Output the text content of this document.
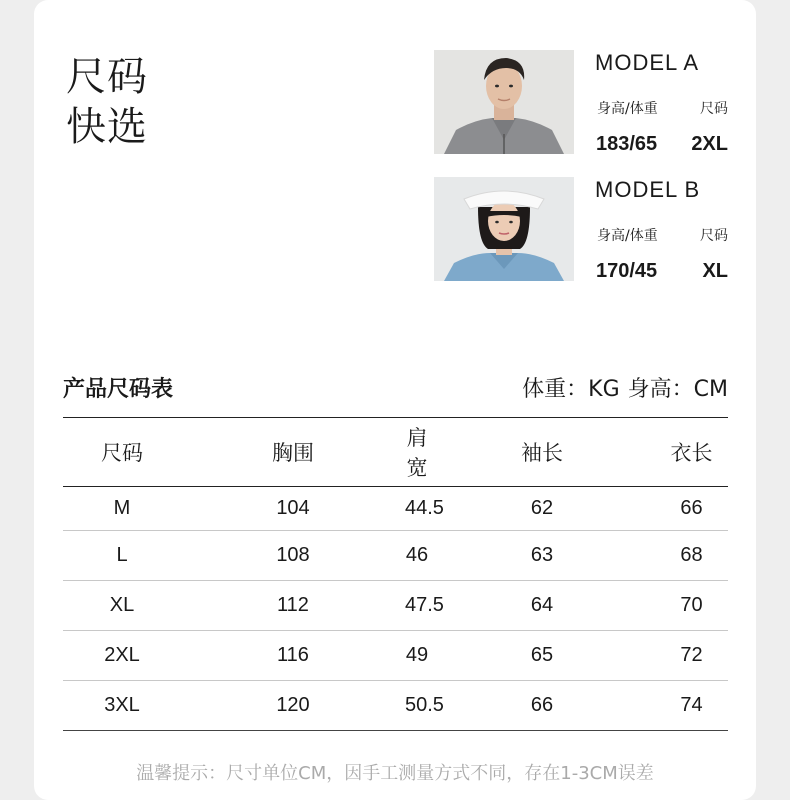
尺码
快选
MODEL A
身高/体重	尺码
183/65 2XL
MODEL B
身高/体重	尺码
170/45 XL
产品尺码表	体重：KG 身高：CM
尺码	胸围	肩宽	袖长	衣长
M	104	44.5	62	66
L	108	46	63	68
XL	112	47.5	64	70
2XL	116	49	65	72
3XL	120	50.5	66	74
温馨提示：尺寸单位CM，因手工测量方式不同，存在1-3CM误差
